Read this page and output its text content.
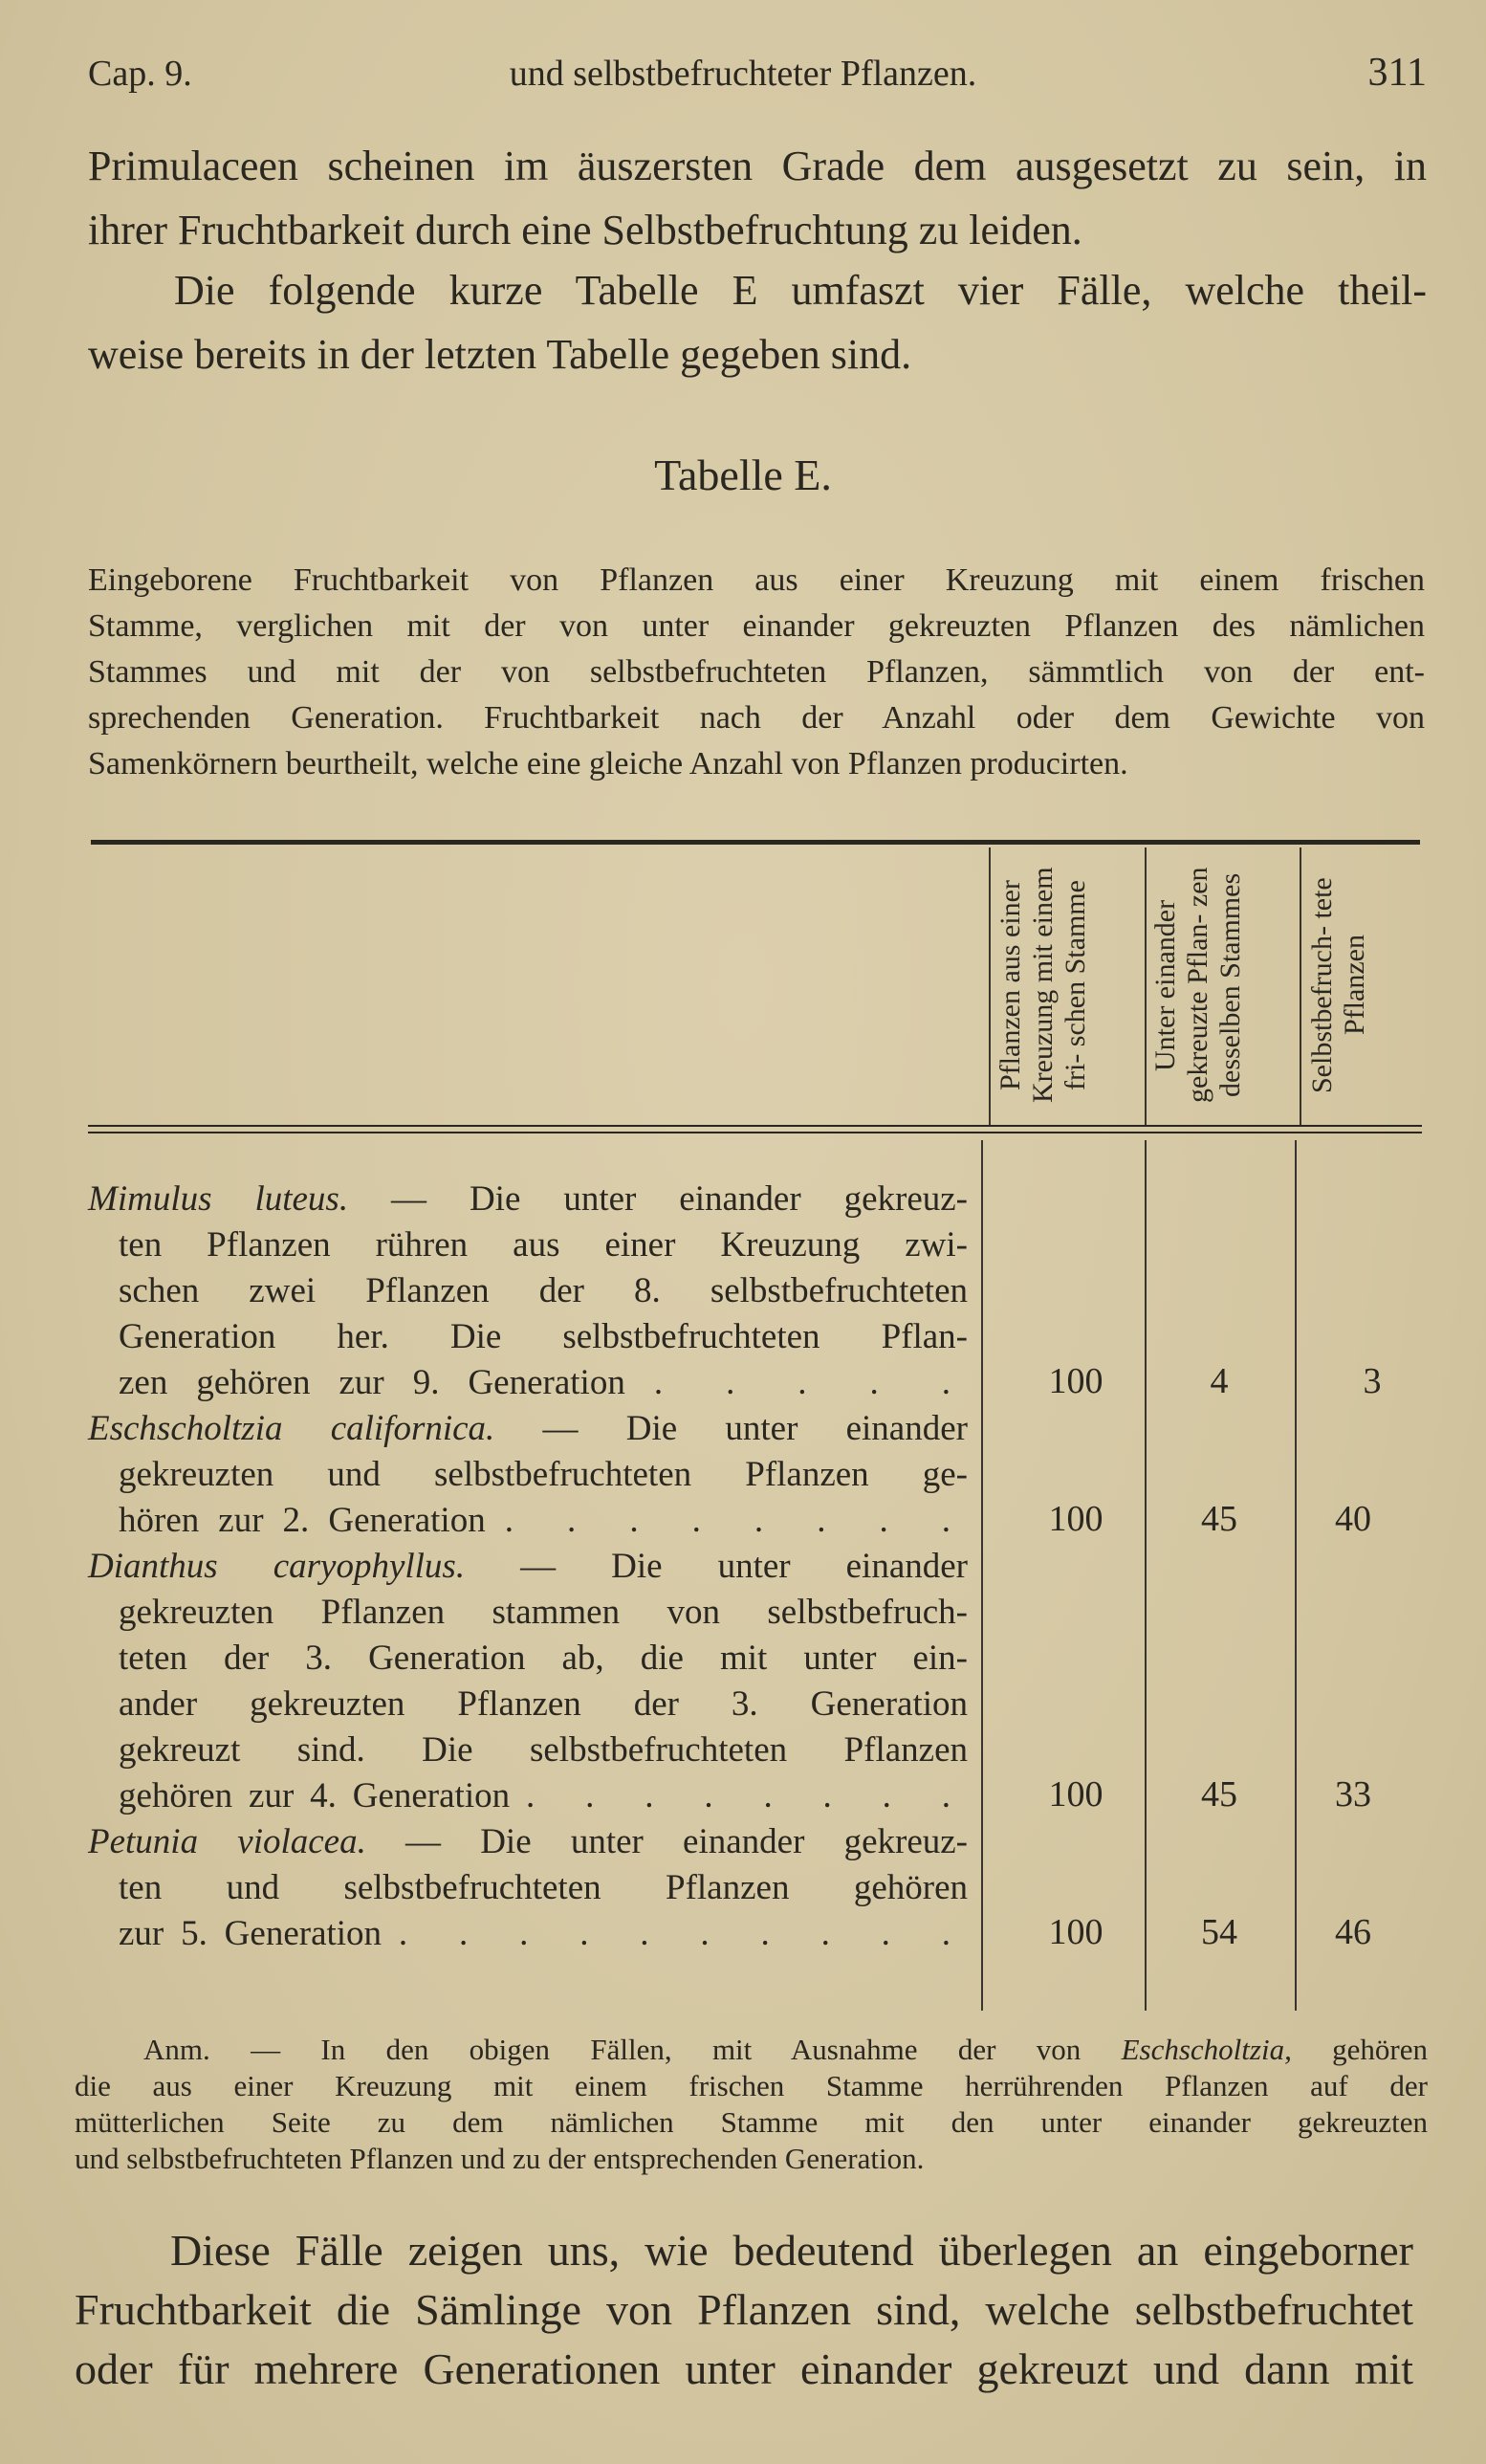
Cap. 9.	und selbstbefruchteter Pflanzen.	311
Primulaceen scheinen im äuszersten Grade dem ausgesetzt zu sein, in
ihrer Fruchtbarkeit durch eine Selbstbefruchtung zu leiden.
Die folgende kurze Tabelle E umfaszt vier Fälle, welche theil-
weise bereits in der letzten Tabelle gegeben sind.
Tabelle E.
Eingeborene Fruchtbarkeit von Pflanzen aus einer Kreuzung mit einem frischen
Stamme, verglichen mit der von unter einander gekreuzten Pflanzen des nämlichen
Stammes und mit der von selbstbefruchteten Pflanzen, sämmtlich von der ent-
sprechenden Generation. Fruchtbarkeit nach der Anzahl oder dem Gewichte von
Samenkörnern beurtheilt, welche eine gleiche Anzahl von Pflanzen producirten.
Pflanzen aus einer Kreuzung mit einem fri- schen Stamme	Unter einander gekreuzte Pflan- zen desselben Stammes	Selbstbefruch- tete Pflanzen
Mimulus luteus. — Die unter einander gekreuz-
ten Pflanzen rühren aus einer Kreuzung zwi-
schen zwei Pflanzen der 8. selbstbefruchteten
Generation her. Die selbstbefruchteten Pflan-
zen gehören zur 9. Generation . . . . .	100	4	3
Eschscholtzia californica. — Die unter einander
gekreuzten und selbstbefruchteten Pflanzen ge-
hören zur 2. Generation . . . . . . . .	100	45	40
Dianthus caryophyllus. — Die unter einander
gekreuzten Pflanzen stammen von selbstbefruch-
teten der 3. Generation ab, die mit unter ein-
ander gekreuzten Pflanzen der 3. Generation
gekreuzt sind. Die selbstbefruchteten Pflanzen
gehören zur 4. Generation . . . . . . . .	100	45	33
Petunia violacea. — Die unter einander gekreuz-
ten und selbstbefruchteten Pflanzen gehören
zur 5. Generation . . . . . . . . . .	100	54	46
Anm. — In den obigen Fällen, mit Ausnahme der von Eschscholtzia, gehören
die aus einer Kreuzung mit einem frischen Stamme herrührenden Pflanzen auf der
mütterlichen Seite zu dem nämlichen Stamme mit den unter einander gekreuzten
und selbstbefruchteten Pflanzen und zu der entsprechenden Generation.
Diese Fälle zeigen uns, wie bedeutend überlegen an eingeborner
Fruchtbarkeit die Sämlinge von Pflanzen sind, welche selbstbefruchtet
oder für mehrere Generationen unter einander gekreuzt und dann mit
